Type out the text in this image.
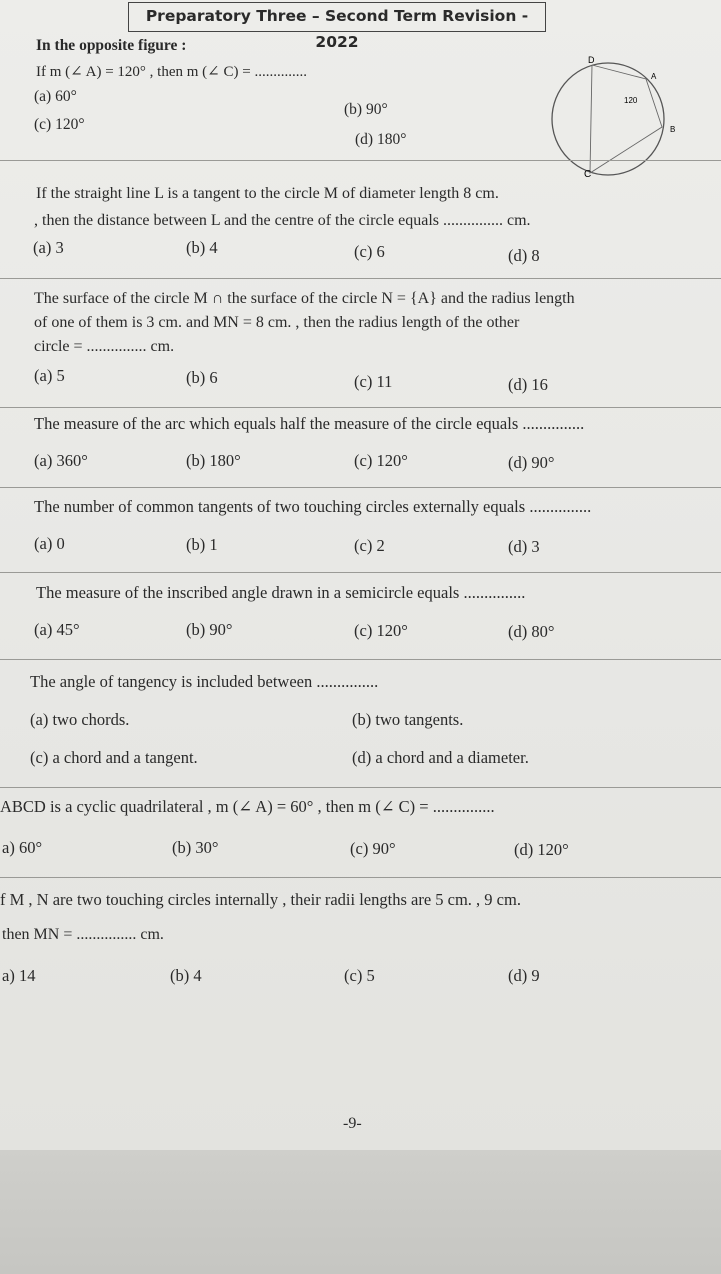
Preparatory Three – Second Term Revision - 2022
In the opposite figure :
If m (∠ A) = 120° , then m (∠ C) = ..............
(a) 60°
(b) 90°
(c) 120°
(d) 180°
D
A
B
C
120
If the straight line L is a tangent to the circle M of diameter length 8 cm.
, then the distance between L and the centre of the circle equals ............... cm.
(a) 3	(b) 4	(c) 6	(d) 8
The surface of the circle M ∩ the surface of the circle N = {A} and the radius length
of one of them is 3 cm. and MN = 8 cm. , then the radius length of the other
circle = ............... cm.
(a) 5	(b) 6	(c) 11	(d) 16
The measure of the arc which equals half the measure of the circle equals ...............
(a) 360°	(b) 180°	(c) 120°	(d) 90°
The number of common tangents of two touching circles externally equals ...............
(a) 0	(b) 1	(c) 2	(d) 3
The measure of the inscribed angle drawn in a semicircle equals ...............
(a) 45°	(b) 90°	(c) 120°	(d) 80°
The angle of tangency is included between ...............
(a) two chords.	(b) two tangents.
(c) a chord and a tangent.	(d) a chord and a diameter.
ABCD is a cyclic quadrilateral , m (∠ A) = 60° , then m (∠ C) = ...............
a) 60°	(b) 30°	(c) 90°	(d) 120°
f M , N are two touching circles internally , their radii lengths are 5 cm. , 9 cm.
then MN = ............... cm.
a) 14	(b) 4	(c) 5	(d) 9
-9-
